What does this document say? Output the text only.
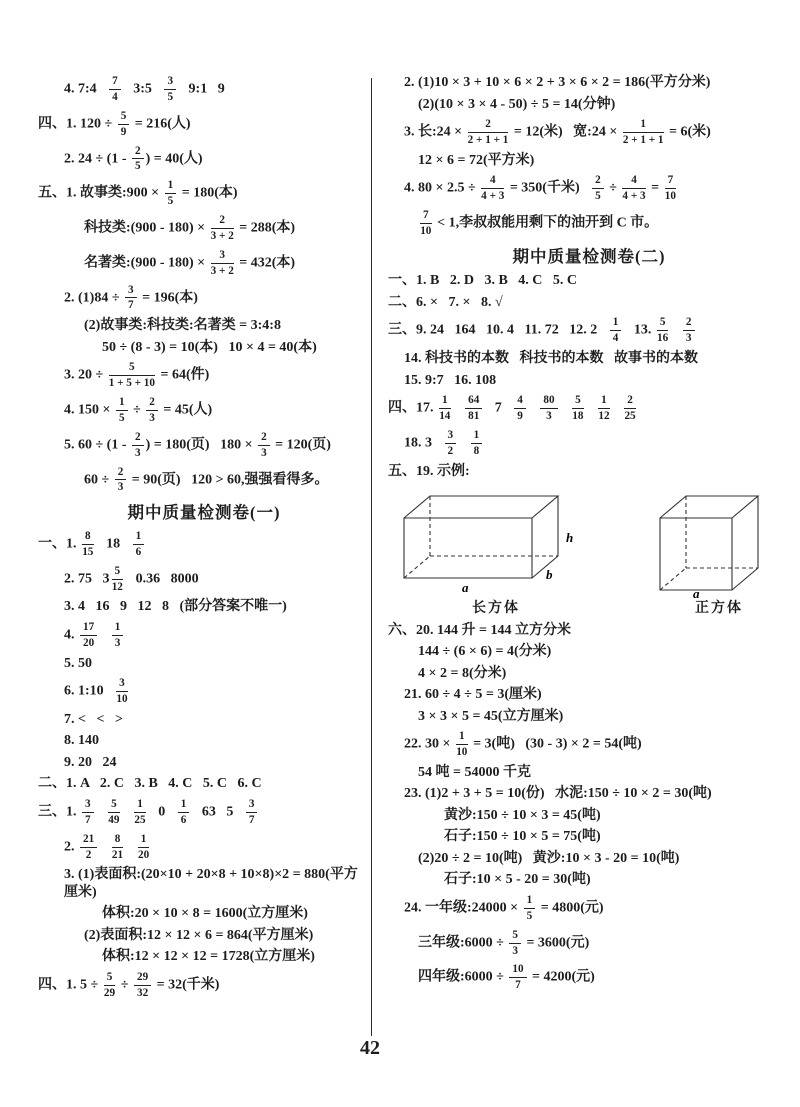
4. 7:4 $\frac{7}{4}$ 3:5 $\frac{3}{5}$ 9:1   9
四、1. $120 \div \frac{5}{9} = 216$(人)
2. $24 \div (1 - \frac{2}{5}$ ) = 40(人)
五、1. 故事类:900 × $\frac{1}{5} = 180$(本)
科技类:(900 - $180) \times \frac{2}{3 + 2} = 288$(本)
名著类:(900 - $180) \times \frac{3}{3 + 2} = 432$(本)
2. $(1)84 \div \frac{3}{7} = 196$(本)
(2)故事类:科技类:名著类 = 3:4:8
50 ÷ (8 - 3) = 10(本)   10 × 4 = 40(本)
3. $20 \div \frac{5}{1 + 5 + 10} = 64$(件)
4. $150 \times \frac{1}{5} \div \frac{2}{3} = 45$(人)
5. $60 \div (1 - \frac{2}{3}$ ) = 180(页)   $180 \times \frac{2}{3} = 120$(页)
$60 \div \frac{2}{3} = 90$(页)   120 > 60,强强看得多。
期中质量检测卷(一)
一、1. $\frac{8}{15} 18 \frac{1}{6}$
2. 75   $3 \frac{5}{12} 0.36$   8000
3. 4   16   9   12   8   (部分答案不唯一)
4. $\frac{17}{20}$
$\frac{1}{3}$
5. 50
6. 1:10 $\frac{3}{10}$
7. <   <   >
8. 140
9. 20   24
二、1. A   2. C   3. B   4. C   5. C   6. C
三、1. $\frac{3}{7}$
$\frac{5}{49}$
$\frac{1}{25} 0 \frac{1}{6} 63$   $5 \frac{3}{7}$
2. $\frac{21}{2}$
$\frac{8}{21}$
$\frac{1}{20}$
3. (1)表面积:(20×10 + 20×8 + 10×8)×2 = 880(平方厘米)
体积:20 × 10 × 8 = 1600(立方厘米)
(2)表面积:12 × 12 × 6 = 864(平方厘米)
体积:12 × 12 × 12 = 1728(立方厘米)
四、1. $5 \div \frac{5}{29} \div \frac{29}{32} = 32$(千米)
2. (1)10 × 3 + 10 × 6 × 2 + 3 × 6 × 2 = 186(平方分米)
(2)(10 × 3 × 4 - 50) ÷ 5 = 14(分钟)
3. 长:24 × $\frac{2}{2 + 1 + 1} = 12$(米)   宽:24 × $\frac{1}{2 + 1 + 1} = 6$(米)
12 × 6 = 72(平方米)
4. $80 \times 2.5 \div \frac{4}{4 + 3} = 350$(千米) $\frac{2}{5} \div \frac{4}{4 + 3} = \frac{7}{10}$
$\frac{7}{10} < 1$,李叔叔能用剩下的油开到 C 市。
期中质量检测卷(二)
一、1. B   2. D   3. B   4. C   5. C
二、6. ×   7. ×   8. √
三、9. 24   164   10. 4   11. 72   12. $2 \frac{1}{4} 13$. $\frac{5}{16}$
$\frac{2}{3}$
14. 科技书的本数   科技书的本数   故事书的本数
15. 9:7   16. 108
四、17. $\frac{1}{14}$
$\frac{64}{81} 7 \frac{4}{9}$
$\frac{80}{3}$
$\frac{5}{18}$
$\frac{1}{12}$
$\frac{2}{25}$
18. $3 \frac{3}{2}$
$\frac{1}{8}$
五、19. 示例:
a
b
h
长方体
a
正方体
六、20. 144 升 = 144 立方分米
144 ÷ (6 × 6) = 4(分米)
4 × 2 = 8(分米)
21. 60 ÷ 4 ÷ 5 = 3(厘米)
3 × 3 × 5 = 45(立方厘米)
22. $30 \times \frac{1}{10} = 3$(吨)   (30 - 3) × 2 = 54(吨)
54 吨 = 54000 千克
23. (1)2 + 3 + 5 = 10(份)   水泥:150 ÷ 10 × 2 = 30(吨)
黄沙:150 ÷ 10 × 3 = 45(吨)
石子:150 ÷ 10 × 5 = 75(吨)
(2)20 ÷ 2 = 10(吨)   黄沙:10 × 3 - 20 = 10(吨)
石子:10 × 5 - 20 = 30(吨)
24. 一年级:24000 × $\frac{1}{5} = 4800$(元)
三年级:6000 ÷ $\frac{5}{3} = 3600$(元)
四年级:6000 ÷ $\frac{10}{7} = 4200$(元)
42
